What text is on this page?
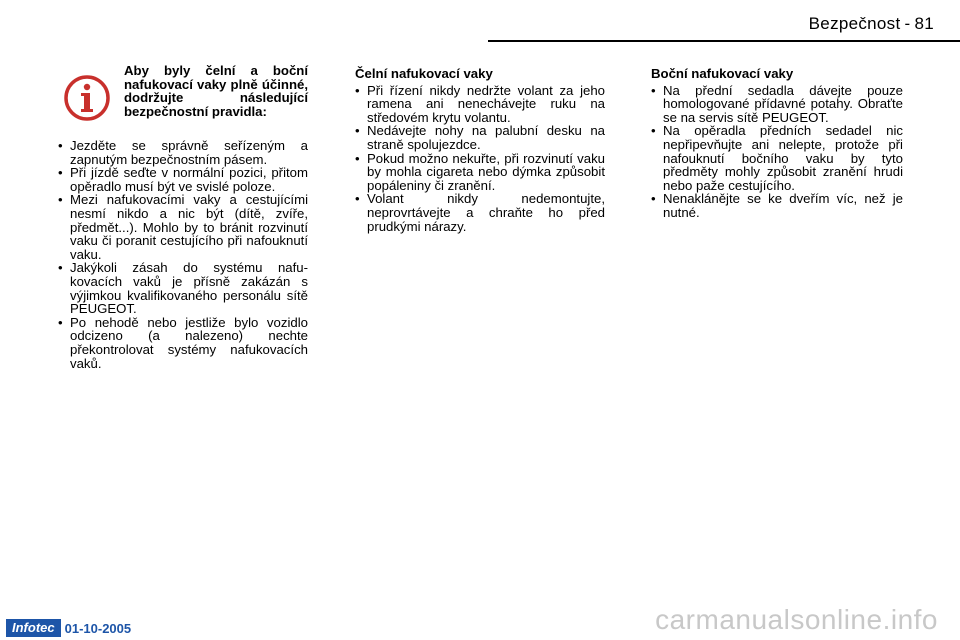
Bezpečnost - 81
Aby byly čelní a boční nafukovací vaky plně účinné, dodržujte následující bezpečnostní pravidla:
• Jezděte se správně seřízeným a zapnutým bezpečnostním pásem.
• Při jízdě seďte v normální pozici, přitom opěradlo musí být ve svislé poloze.
• Mezi nafukovacími vaky a cestujícími nesmí nikdo a nic být (dítě, zvíře, předmět...). Mohlo by to bránit rozvinutí vaku či poranit cestujícího při nafouknutí vaku.
• Jakýkoli zásah do systému nafu-kovacích vaků je přísně zakázán s výjimkou kvalifikovaného personálu sítě PEUGEOT.
• Po nehodě nebo jestliže bylo vozidlo odcizeno (a nalezeno) nechte překontrolovat systémy nafukovacích vaků.
Čelní nafukovací vaky
• Při řízení nikdy nedržte volant za jeho ramena ani nenechávejte ruku na středovém krytu volantu.
• Nedávejte nohy na palubní desku na straně spolujezdce.
• Pokud možno nekuřte, při rozvinutí vaku by mohla cigareta nebo dýmka způsobit popáleniny či zranění.
• Volant nikdy nedemontujte, neprovrtávejte a chraňte ho před prudkými nárazy.
Boční nafukovací vaky
• Na přední sedadla dávejte pouze homologované přídavné potahy. Obraťte se na servis sítě PEUGEOT.
• Na opěradla předních sedadel nic nepřipevňujte ani nelepte, protože při nafouknutí bočního vaku by tyto předměty mohly způsobit zranění hrudi nebo paže cestujícího.
• Nenaklánějte se ke dveřím víc, než je nutné.
Infotec 01-10-2005	carmanualsonline.info
